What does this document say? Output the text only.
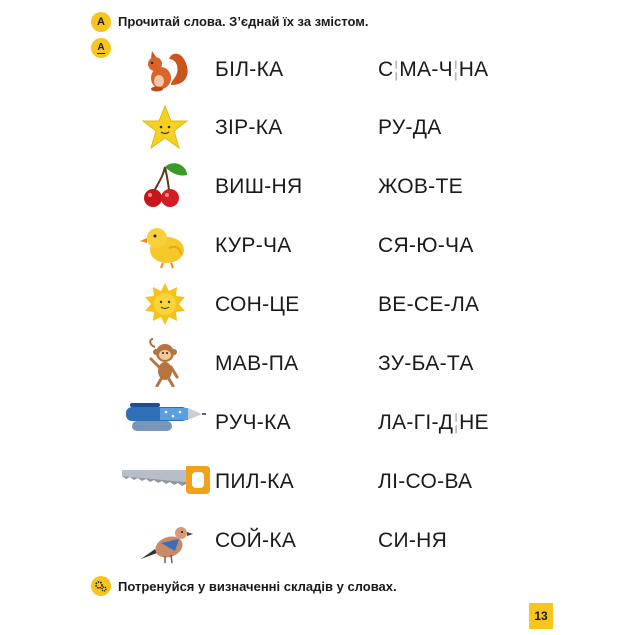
А Прочитай слова. З’єднай їх за змістом.
А
БІЛ-КА
ЗІР-КА
ВИШ-НЯ
КУР-ЧА
СОН-ЦЕ
МАВ-ПА
РУЧ-КА
ПИЛ-КА
СОЙ-КА
С¦МА-Ч¦НА
РУ-ДА
ЖОВ-ТЕ
СЯ-Ю-ЧА
ВЕ-СЕ-ЛА
ЗУ-БА-ТА
ЛА-ГІ-Д¦НЕ
ЛІ-СО-ВА
СИ-НЯ
Потренуйся у визначенні складів у словах.
13
